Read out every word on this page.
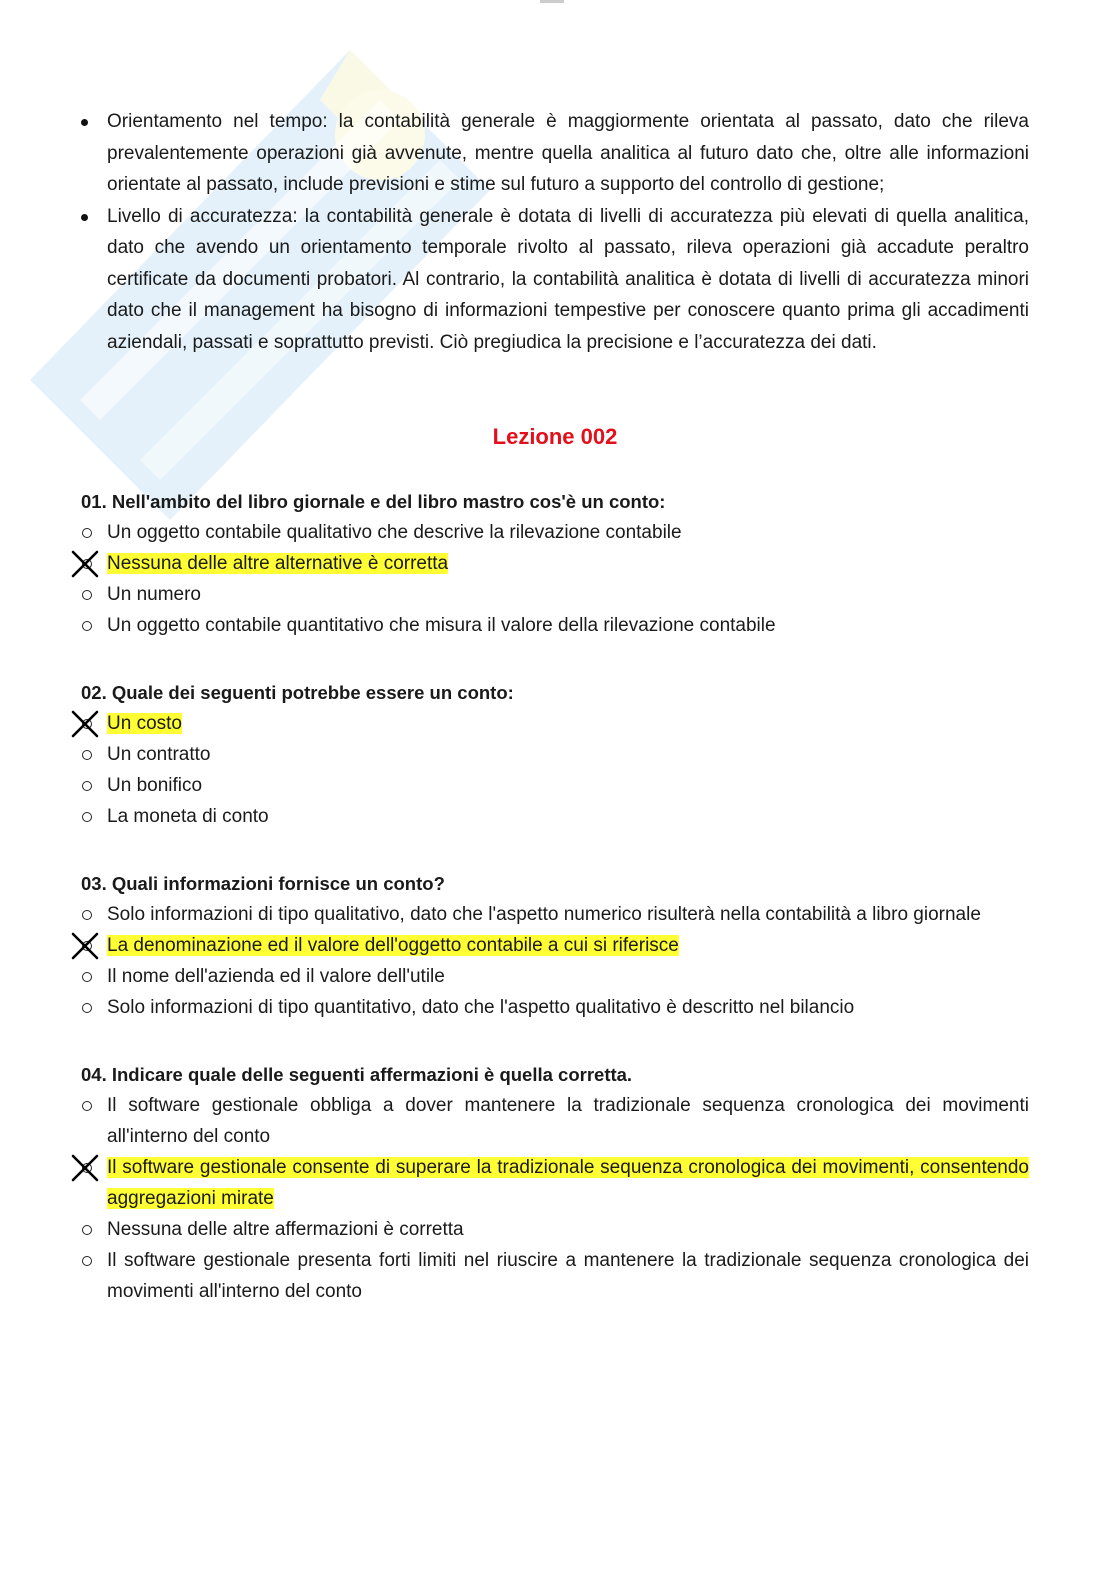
Orientamento nel tempo: la contabilità generale è maggiormente orientata al passato, dato che rileva prevalentemente operazioni già avvenute, mentre quella analitica al futuro dato che, oltre alle informazioni orientate al passato, include previsioni e stime sul futuro a supporto del controllo di gestione;
Livello di accuratezza: la contabilità generale è dotata di livelli di accuratezza più elevati di quella analitica, dato che avendo un orientamento temporale rivolto al passato, rileva operazioni già accadute peraltro certificate da documenti probatori. Al contrario, la contabilità analitica è dotata di livelli di accuratezza minori dato che il management ha bisogno di informazioni tempestive per conoscere quanto prima gli accadimenti aziendali, passati e soprattutto previsti. Ciò pregiudica la precisione e l’accuratezza dei dati.
Lezione 002
01. Nell'ambito del libro giornale e del libro mastro cos'è un conto:
Un oggetto contabile qualitativo che descrive la rilevazione contabile
Nessuna delle altre alternative è corretta
Un numero
Un oggetto contabile quantitativo che misura il valore della rilevazione contabile
02. Quale dei seguenti potrebbe essere un conto:
Un costo
Un contratto
Un bonifico
La moneta di conto
03. Quali informazioni fornisce un conto?
Solo informazioni di tipo qualitativo, dato che l'aspetto numerico risulterà nella contabilità a libro giornale
La denominazione ed il valore dell'oggetto contabile a cui si riferisce
Il nome dell'azienda ed il valore dell'utile
Solo informazioni di tipo quantitativo, dato che l'aspetto qualitativo è descritto nel bilancio
04. Indicare quale delle seguenti affermazioni è quella corretta.
Il software gestionale obbliga a dover mantenere la tradizionale sequenza cronologica dei movimenti all'interno del conto
Il software gestionale consente di superare la tradizionale sequenza cronologica dei movimenti, consentendo aggregazioni mirate
Nessuna delle altre affermazioni è corretta
Il software gestionale presenta forti limiti nel riuscire a mantenere la tradizionale sequenza cronologica dei movimenti all'interno del conto
